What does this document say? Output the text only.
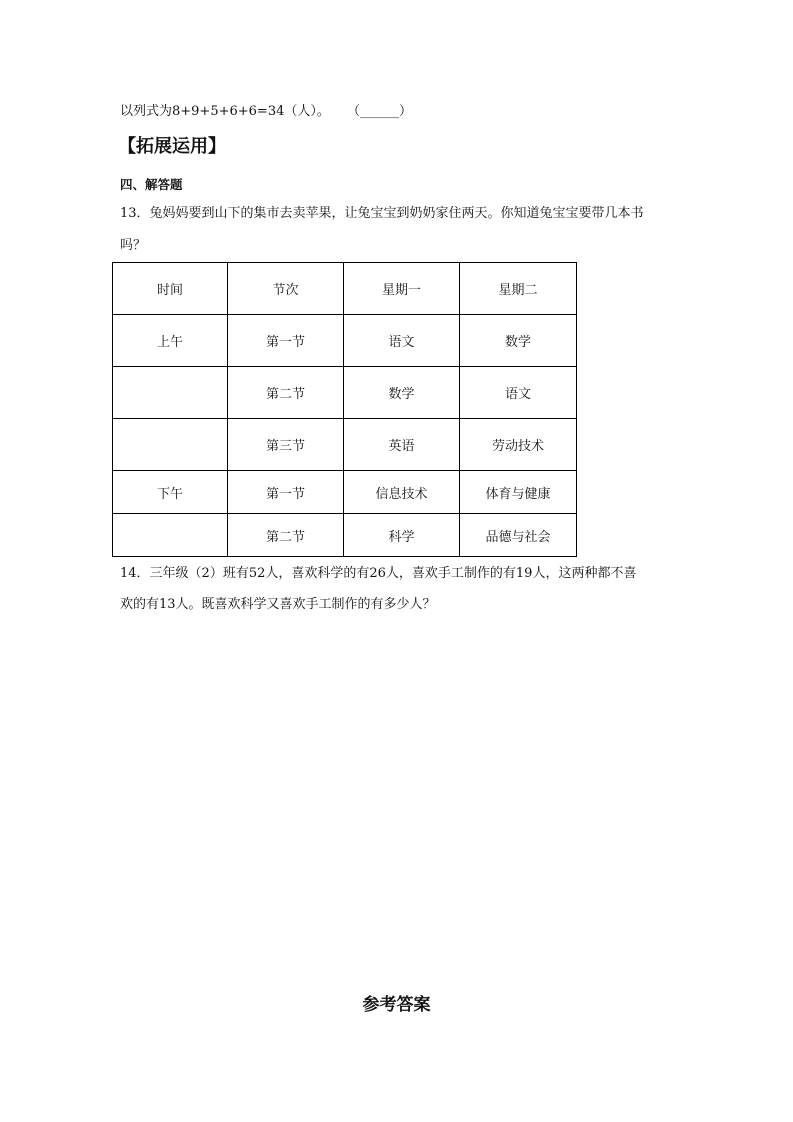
以列式为8+9+5+6+6=34（人）。 （______）
【拓展运用】
四、解答题
13．兔妈妈要到山下的集市去卖苹果，让兔宝宝到奶奶家住两天。你知道兔宝宝要带几本书
吗？
时间	节次	星期一	星期二
上午	第一节	语文	数学
	第二节	数学	语文
	第三节	英语	劳动技术
下午	第一节	信息技术	体育与健康
	第二节	科学	品德与社会
14．三年级（2）班有52人，喜欢科学的有26人，喜欢手工制作的有19人，这两种都不喜
欢的有13人。既喜欢科学又喜欢手工制作的有多少人？
参考答案
